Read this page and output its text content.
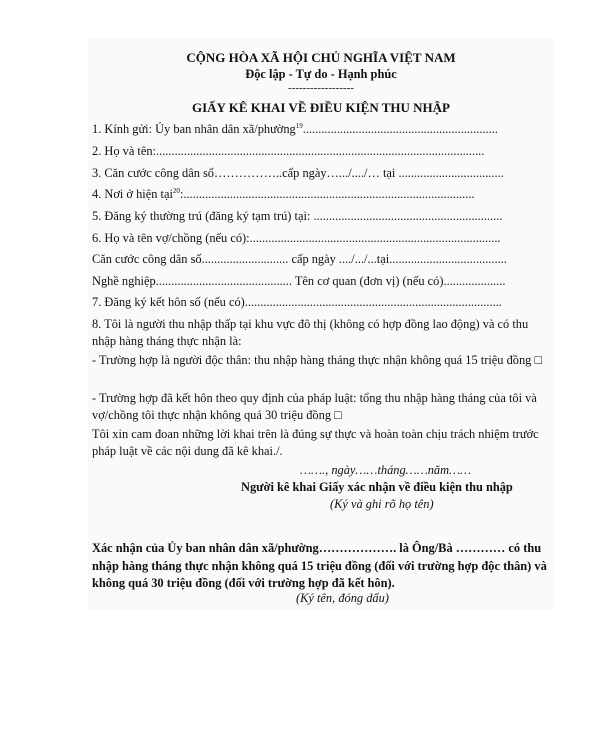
CỘNG HÒA XÃ HỘI CHỦ NGHĨA VIỆT NAM
Độc lập - Tự do - Hạnh phúc
------------------
GIẤY KÊ KHAI VỀ ĐIỀU KIỆN THU NHẬP
1. Kính gửi: Ủy ban nhân dân xã/phường$^{19}$...............................................................
2. Họ và tên:..........................................................................................................
3. Căn cước công dân số……………..cấp ngày….../..../… tại ..................................
4. Nơi ở hiện tại$^{20}$:..............................................................................................
5. Đăng ký thường trú (đăng ký tạm trú) tại: .............................................................
6. Họ và tên vợ/chồng (nếu có):.................................................................................
Căn cước công dân số............................ cấp ngày ..../.../...tại......................................
Nghề nghiệp............................................ Tên cơ quan (đơn vị) (nếu có)....................
7. Đăng ký kết hôn số (nếu có)...................................................................................
8. Tôi là người thu nhập thấp tại khu vực đô thị (không có hợp đồng lao động) và có thu nhập hàng tháng thực nhận là:
- Trường hợp là người độc thân: thu nhập hàng tháng thực nhận không quá 15 triệu đồng □
- Trường hợp đã kết hôn theo quy định của pháp luật: tổng thu nhập hàng tháng của tôi và vợ/chồng tôi thực nhận không quá 30 triệu đồng □
Tôi xin cam đoan những lời khai trên là đúng sự thực và hoàn toàn chịu trách nhiệm trước pháp luật về các nội dung đã kê khai./.
……., ngày……tháng……năm……
Người kê khai Giấy xác nhận về điều kiện thu nhập
(Ký và ghi rõ họ tên)
Xác nhận của Ủy ban nhân dân xã/phường………………. là Ông/Bà ………… có thu nhập hàng tháng thực nhận không quá 15 triệu đồng (đối với trường hợp độc thân) và không quá 30 triệu đồng (đối với trường hợp đã kết hôn).
(Ký tên, đóng dấu)
